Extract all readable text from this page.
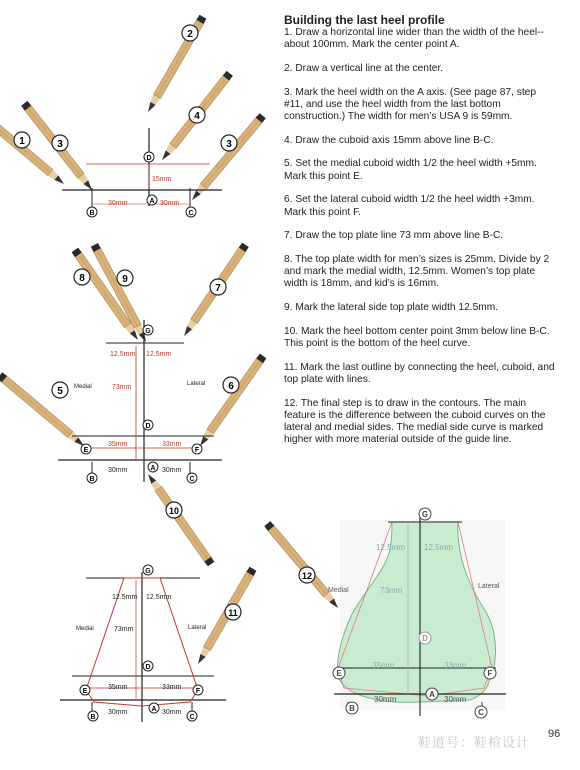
15mm
30mm	30mm
D
A
B	C
1
2
3	3
4
12.5mm 12.5mm
73mm
Medial	Lateral
35mm	33mm
30mm	30mm
G
D
E	F
A
B	C
5	6
7
8	9
10
12.5mm 12.5mm
73mm
Medial	Lateral
35mm	33mm
30mm	30mm
G
D
E	F
A
B	C
11
12.5mm 12.5mm
73mm
Medial
Lateral
35mm	33mm
30mm	30mm
G
D
E	F
A
B	C
12
Building the last heel profile

1. Draw a horizontal line wider than the width of the heel--about 100mm. Mark the center point A.

2. Draw a vertical line at the center.

3. Mark the heel width on the A axis. (See page 87, step #11, and use the heel width from the last bottom construction.) The width for men’s USA 9 is 59mm.

4. Draw the cuboid axis 15mm above line B-C.

5. Set the medial cuboid width 1/2 the heel width +5mm. Mark this point E.

6. Set the lateral cuboid width 1/2 the heel width +3mm. Mark this point F.

7. Draw the top plate line 73 mm above line B-C.

8. The top plate width for men’s sizes is 25mm. Divide by 2 and mark the medial width, 12.5mm. Women’s top plate width is 18mm, and kid’s is 16mm.

9. Mark the lateral side top plate width 12.5mm.

10. Mark the heel bottom center point 3mm below line B-C. This point is the bottom of the heel curve.

11. Mark the last outline by connecting the heel, cuboid, and top plate with lines.

12. The final step is to draw in the contours. The main feature is the difference between the cuboid curves on the lateral and medial sides. The medial side curve is marked higher with more material outside of the guide line.

鞋道号：鞋楦设计
96
